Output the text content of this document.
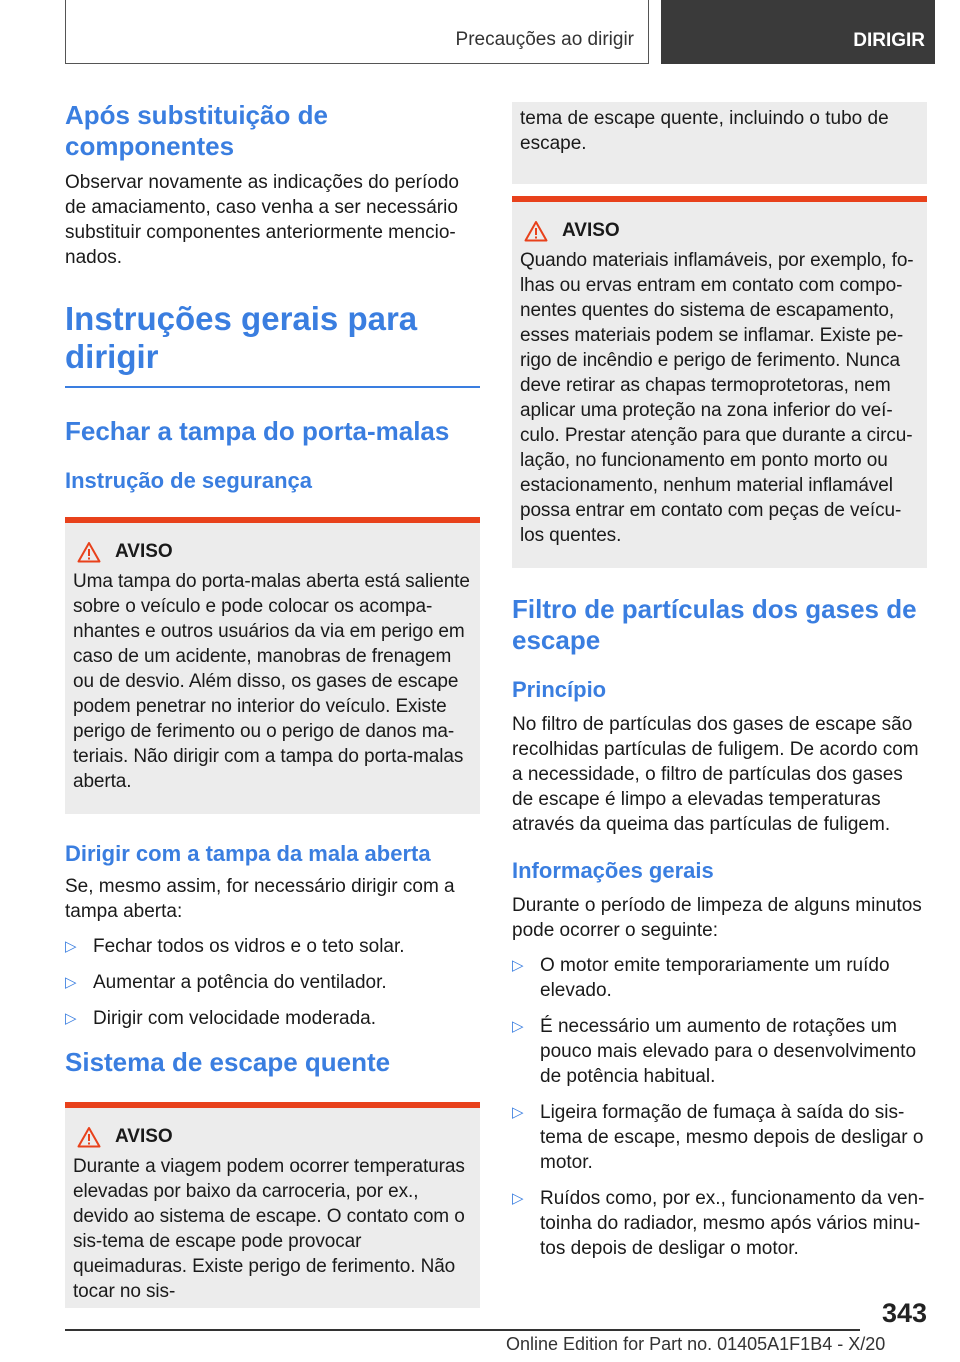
Precauções ao dirigir	DIRIGIR
Após substituição de componentes

Observar novamente as indicações do período de amaciamento, caso venha a ser necessário substituir componentes anteriormente mencio-nados.

Instruções gerais para dirigir
Fechar a tampa do porta-malas
Instrução de segurança
AVISO

Uma tampa do porta-malas aberta está saliente sobre o veículo e pode colocar os acompa-nhantes e outros usuários da via em perigo em caso de um acidente, manobras de frenagem ou de desvio. Além disso, os gases de escape podem penetrar no interior do veículo. Existe perigo de ferimento ou o perigo de danos ma-teriais. Não dirigir com a tampa do porta-malas aberta.

Dirigir com a tampa da mala aberta

Se, mesmo assim, for necessário dirigir com a tampa aberta:

▷ Fechar todos os vidros e o teto solar.
▷ Aumentar a potência do ventilador.
▷ Dirigir com velocidade moderada.
Sistema de escape quente
AVISO

Durante a viagem podem ocorrer temperaturas elevadas por baixo da carroceria, por ex., devido ao sistema de escape. O contato com o sis-tema de escape pode provocar queimaduras. Existe perigo de ferimento. Não tocar no sis-

tema de escape quente, incluindo o tubo de escape.

AVISO

Quando materiais inflamáveis, por exemplo, fo-lhas ou ervas entram em contato com compo-nentes quentes do sistema de escapamento, esses materiais podem se inflamar. Existe pe-rigo de incêndio e perigo de ferimento. Nunca deve retirar as chapas termoprotetoras, nem aplicar uma proteção na zona inferior do veí-culo. Prestar atenção para que durante a circu-lação, no funcionamento em ponto morto ou estacionamento, nenhum material inflamável possa entrar em contato com peças de veícu-los quentes.

Filtro de partículas dos gases de escape
Princípio

No filtro de partículas dos gases de escape são recolhidas partículas de fuligem. De acordo com a necessidade, o filtro de partículas dos gases de escape é limpo a elevadas temperaturas através da queima das partículas de fuligem.

Informações gerais

Durante o período de limpeza de alguns minutos pode ocorrer o seguinte:

▷ O motor emite temporariamente um ruído elevado.
▷ É necessário um aumento de rotações um pouco mais elevado para o desenvolvimento de potência habitual.
▷ Ligeira formação de fumaça à saída do sis-tema de escape, mesmo depois de desligar o motor.
▷ Ruídos como, por ex., funcionamento da ven-toinha do radiador, mesmo após vários minu-tos depois de desligar o motor.
343
Online Edition for Part no. 01405A1F1B4 - X/20
